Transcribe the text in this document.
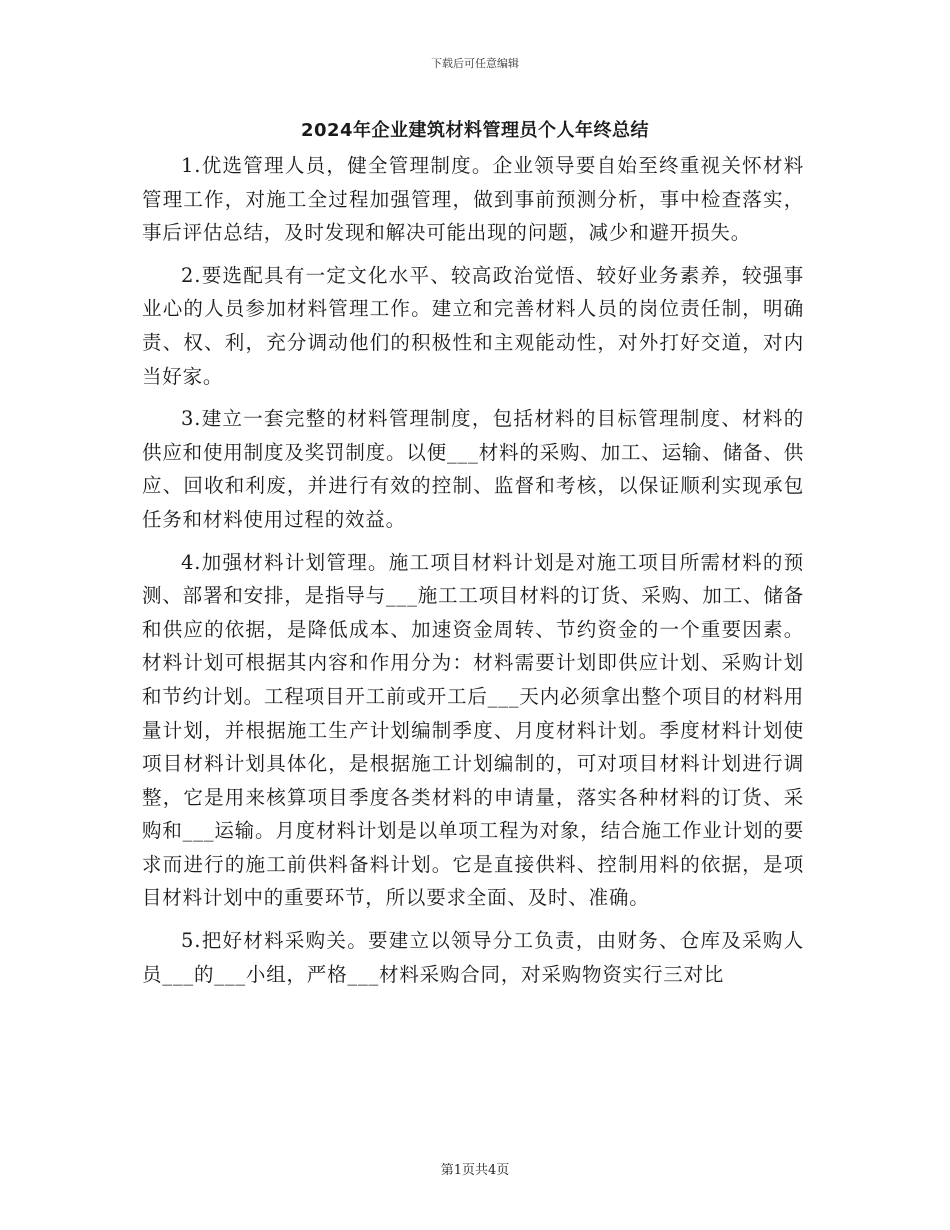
下载后可任意编辑
2024年企业建筑材料管理员个人年终总结

1.优选管理人员，健全管理制度。企业领导要自始至终重视关怀材料管理工作，对施工全过程加强管理，做到事前预测分析，事中检查落实，事后评估总结，及时发现和解决可能出现的问题，减少和避开损失。

2.要选配具有一定文化水平、较高政治觉悟、较好业务素养，较强事业心的人员参加材料管理工作。建立和完善材料人员的岗位责任制，明确责、权、利，充分调动他们的积极性和主观能动性，对外打好交道，对内当好家。

3.建立一套完整的材料管理制度，包括材料的目标管理制度、材料的供应和使用制度及奖罚制度。以便___材料的采购、加工、运输、储备、供应、回收和利废，并进行有效的控制、监督和考核，以保证顺利实现承包任务和材料使用过程的效益。

4.加强材料计划管理。施工项目材料计划是对施工项目所需材料的预测、部署和安排，是指导与___施工工项目材料的订货、采购、加工、储备和供应的依据，是降低成本、加速资金周转、节约资金的一个重要因素。材料计划可根据其内容和作用分为：材料需要计划即供应计划、采购计划和节约计划。工程项目开工前或开工后___天内必须拿出整个项目的材料用量计划，并根据施工生产计划编制季度、月度材料计划。季度材料计划使项目材料计划具体化，是根据施工计划编制的，可对项目材料计划进行调整，它是用来核算项目季度各类材料的申请量，落实各种材料的订货、采购和___运输。月度材料计划是以单项工程为对象，结合施工作业计划的要求而进行的施工前供料备料计划。它是直接供料、控制用料的依据，是项目材料计划中的重要环节，所以要求全面、及时、准确。

5.把好材料采购关。要建立以领导分工负责，由财务、仓库及采购人员___的___小组，严格___材料采购合同，对采购物资实行三对比

第1页共4页
